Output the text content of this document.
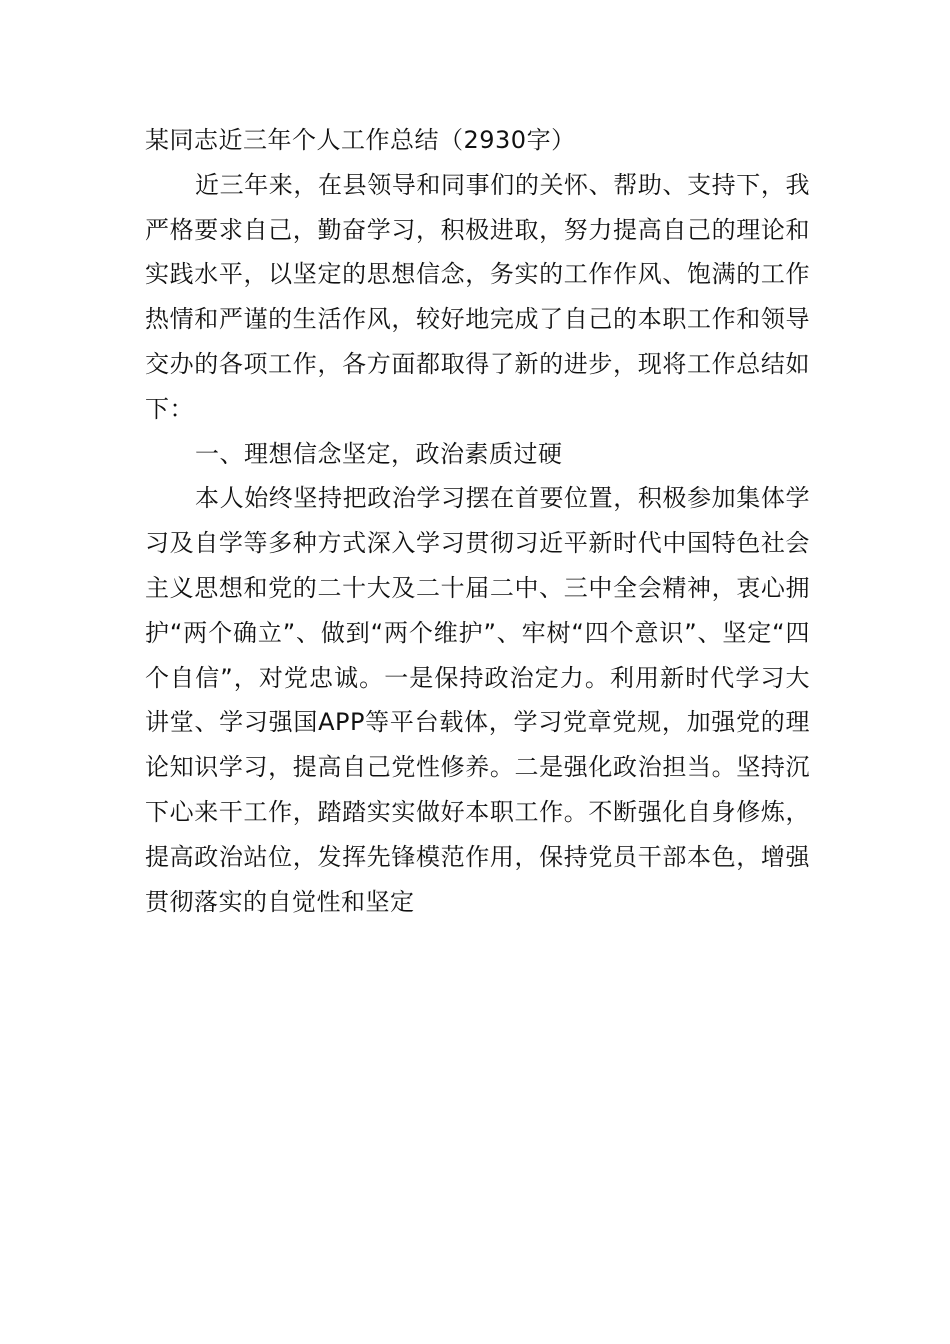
某同志近三年个人工作总结（2930字）

近三年来，在县领导和同事们的关怀、帮助、支持下，我严格要求自己，勤奋学习，积极进取，努力提高自己的理论和实践水平，以坚定的思想信念，务实的工作作风、饱满的工作热情和严谨的生活作风，较好地完成了自己的本职工作和领导交办的各项工作，各方面都取得了新的进步，现将工作总结如下：

一、理想信念坚定，政治素质过硬

本人始终坚持把政治学习摆在首要位置，积极参加集体学习及自学等多种方式深入学习贯彻习近平新时代中国特色社会主义思想和党的二十大及二十届二中、三中全会精神，衷心拥护“两个确立”、做到“两个维护”、牢树“四个意识”、坚定“四个自信”，对党忠诚。一是保持政治定力。利用新时代学习大讲堂、学习强国APP等平台载体，学习党章党规，加强党的理论知识学习，提高自己党性修养。二是强化政治担当。坚持沉下心来干工作，踏踏实实做好本职工作。不断强化自身修炼，提高政治站位，发挥先锋模范作用，保持党员干部本色，增强贯彻落实的自觉性和坚定
